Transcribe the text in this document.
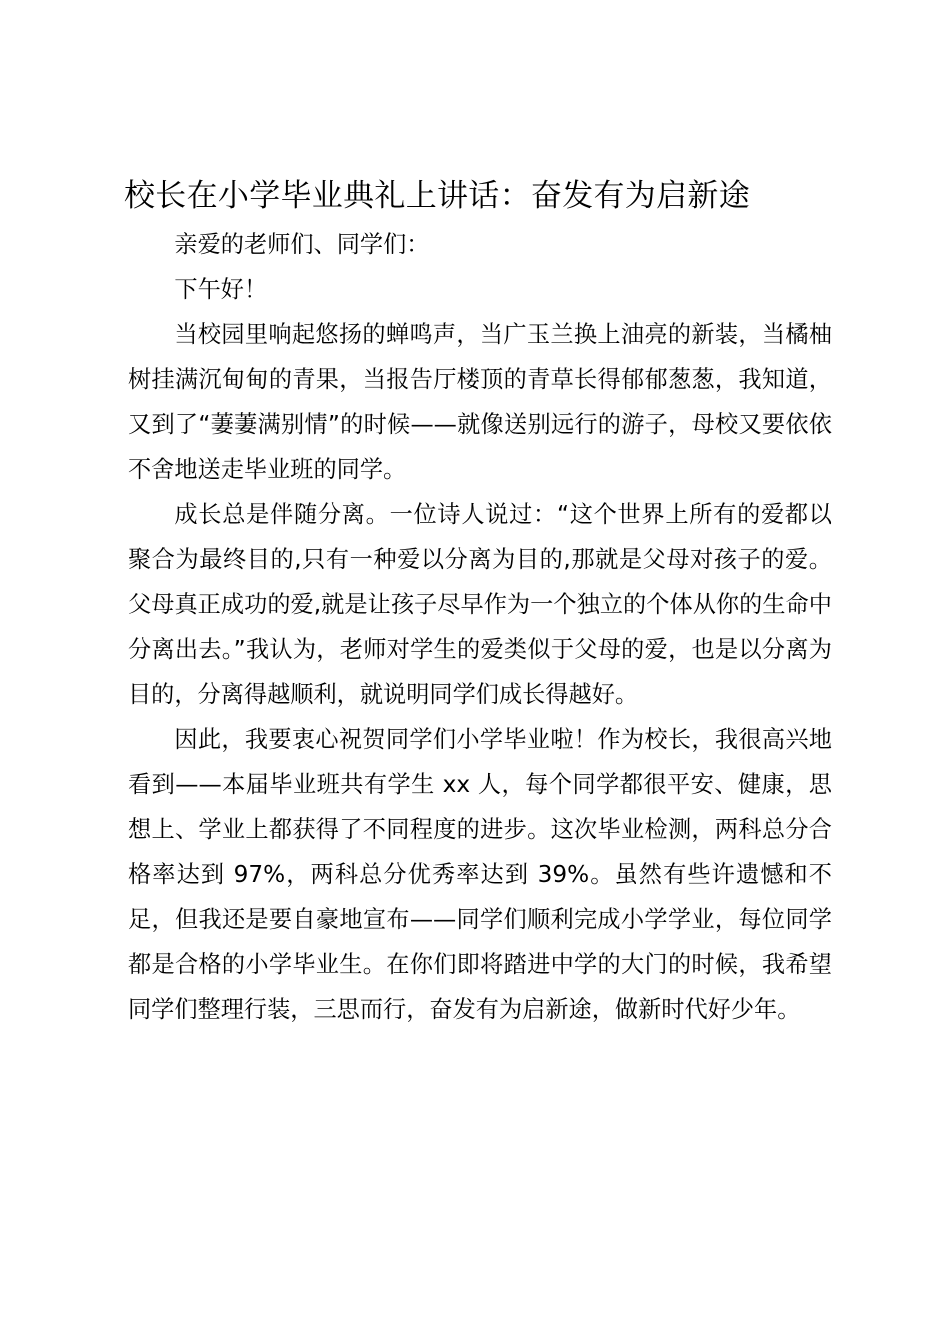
校长在小学毕业典礼上讲话：奋发有为启新途

亲爱的老师们、同学们：

下午好！

当校园里响起悠扬的蝉鸣声，当广玉兰换上油亮的新装，当橘柚树挂满沉甸甸的青果，当报告厅楼顶的青草长得郁郁葱葱，我知道，又到了“萋萋满别情”的时候——就像送别远行的游子，母校又要依依不舍地送走毕业班的同学。

成长总是伴随分离。一位诗人说过：“这个世界上所有的爱都以聚合为最终目的,只有一种爱以分离为目的,那就是父母对孩子的爱。父母真正成功的爱,就是让孩子尽早作为一个独立的个体从你的生命中分离出去。”我认为，老师对学生的爱类似于父母的爱，也是以分离为目的，分离得越顺利，就说明同学们成长得越好。

因此，我要衷心祝贺同学们小学毕业啦！作为校长，我很高兴地看到——本届毕业班共有学生 xx 人，每个同学都很平安、健康，思想上、学业上都获得了不同程度的进步。这次毕业检测，两科总分合格率达到 97%，两科总分优秀率达到 39%。虽然有些许遗憾和不足，但我还是要自豪地宣布——同学们顺利完成小学学业，每位同学都是合格的小学毕业生。在你们即将踏进中学的大门的时候，我希望同学们整理行装，三思而行，奋发有为启新途，做新时代好少年。
